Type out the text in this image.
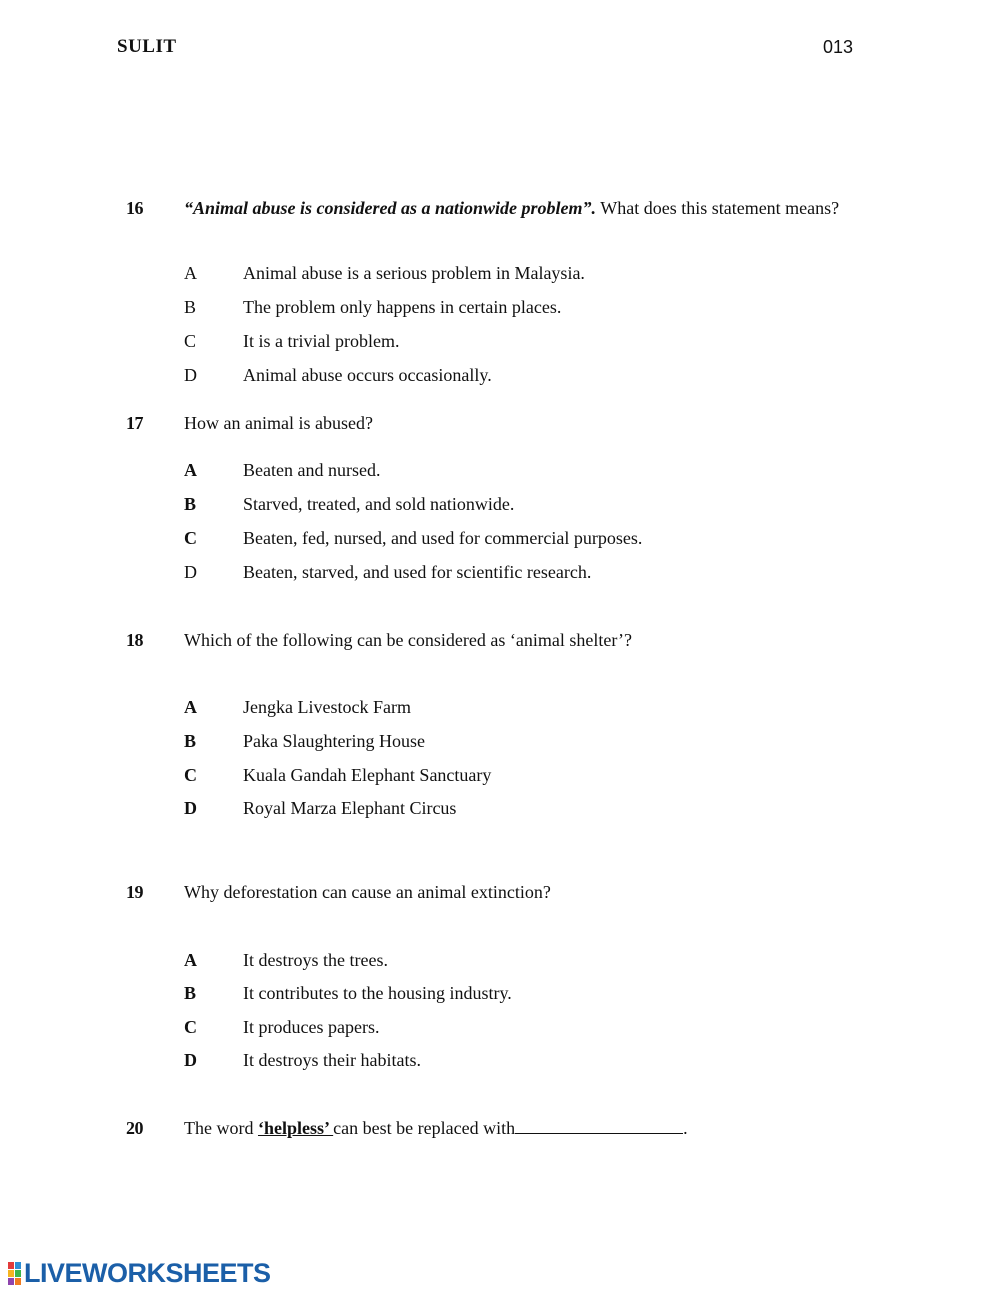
SULIT	013
16 “Animal abuse is considered as a nationwide problem”. What does this statement means?
A	Animal abuse is a serious problem in Malaysia.
B	The problem only happens in certain places.
C	It is a trivial problem.
D	Animal abuse occurs occasionally.
17 How an animal is abused?
A	Beaten and nursed.
B	Starved, treated, and sold nationwide.
C	Beaten, fed, nursed, and used for commercial purposes.
D	Beaten, starved, and used for scientific research.
18 Which of the following can be considered as ‘animal shelter’?
A	Jengka Livestock Farm
B	Paka Slaughtering House
C	Kuala Gandah Elephant Sanctuary
D	Royal Marza Elephant Circus
19 Why deforestation can cause an animal extinction?
A	It destroys the trees.
B	It contributes to the housing industry.
C	It produces papers.
D	It destroys their habitats.
20 The word ‘helpless’ can best be replaced with	.
LIVEWORKSHEETS
